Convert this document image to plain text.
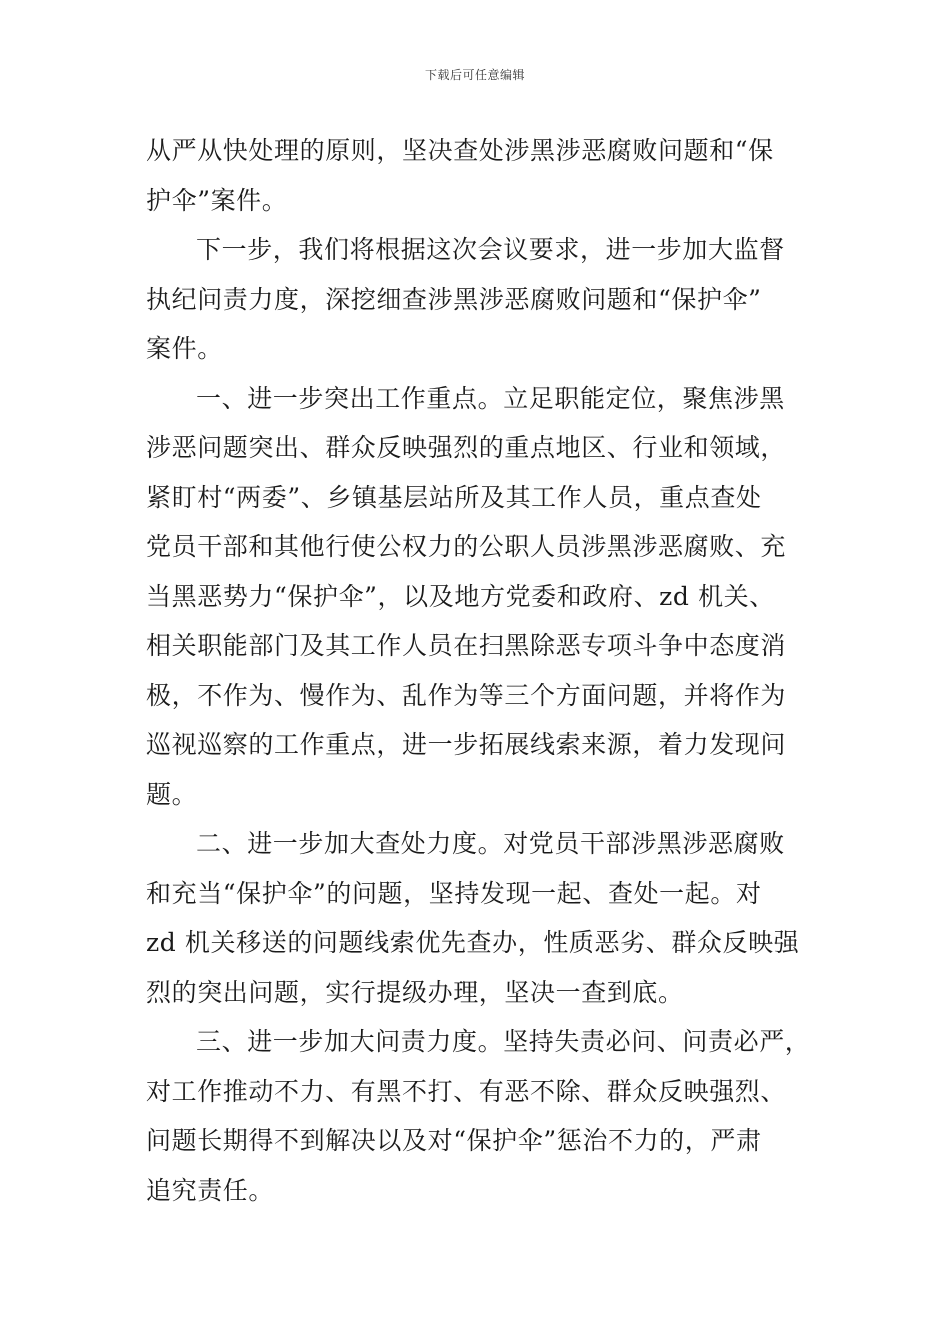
下载后可任意编辑
从严从快处理的原则，坚决查处涉黑涉恶腐败问题和“保
护伞”案件。
下一步，我们将根据这次会议要求，进一步加大监督
执纪问责力度，深挖细查涉黑涉恶腐败问题和“保护伞”
案件。
一、进一步突出工作重点。立足职能定位，聚焦涉黑
涉恶问题突出、群众反映强烈的重点地区、行业和领域，
紧盯村“两委”、乡镇基层站所及其工作人员，重点查处
党员干部和其他行使公权力的公职人员涉黑涉恶腐败、充
当黑恶势力“保护伞”，以及地方党委和政府、zd 机关、
相关职能部门及其工作人员在扫黑除恶专项斗争中态度消
极，不作为、慢作为、乱作为等三个方面问题，并将作为
巡视巡察的工作重点，进一步拓展线索来源，着力发现问
题。
二、进一步加大查处力度。对党员干部涉黑涉恶腐败
和充当“保护伞”的问题，坚持发现一起、查处一起。对
zd 机关移送的问题线索优先查办，性质恶劣、群众反映强
烈的突出问题，实行提级办理，坚决一查到底。
三、进一步加大问责力度。坚持失责必问、问责必严，
对工作推动不力、有黑不打、有恶不除、群众反映强烈、
问题长期得不到解决以及对“保护伞”惩治不力的，严肃
追究责任。
